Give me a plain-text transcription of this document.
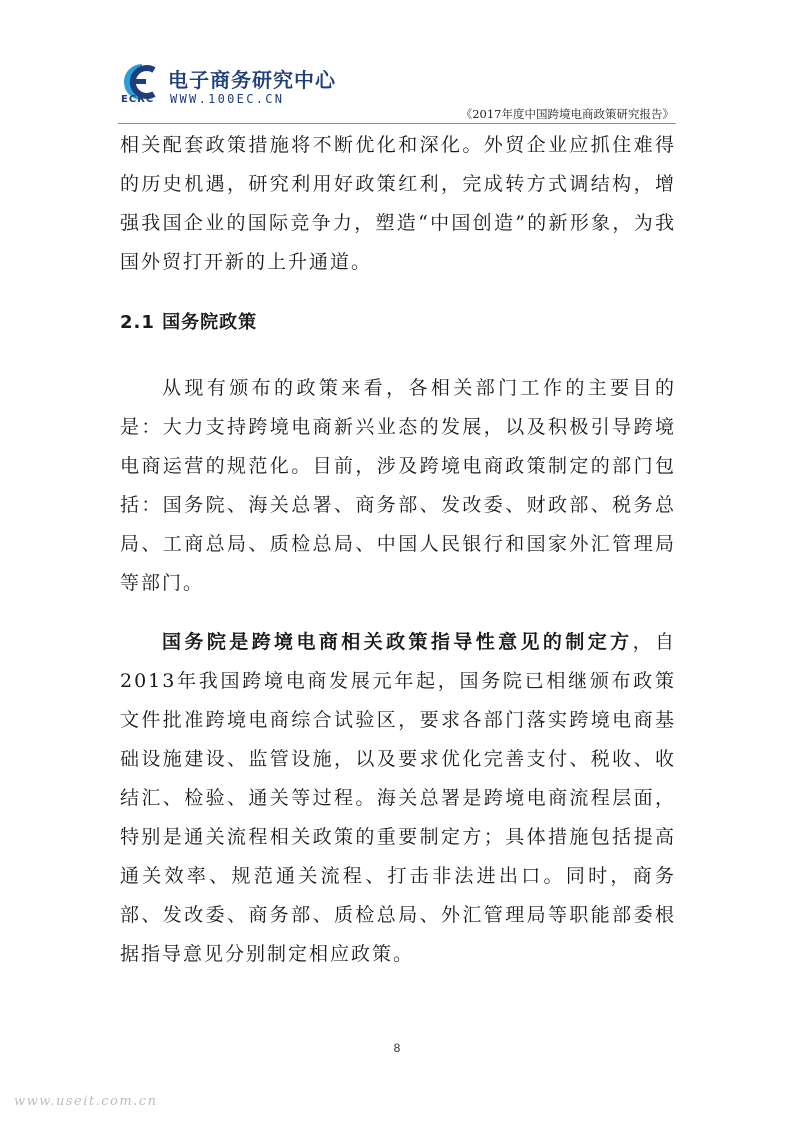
电子商务研究中心
ECRC WWW.100EC.CN
《2017年度中国跨境电商政策研究报告》

相关配套政策措施将不断优化和深化。外贸企业应抓住难得的历史机遇，研究利用好政策红利，完成转方式调结构，增强我国企业的国际竞争力，塑造“中国创造”的新形象，为我国外贸打开新的上升通道。

2.1 国务院政策

从现有颁布的政策来看，各相关部门工作的主要目的是：大力支持跨境电商新兴业态的发展，以及积极引导跨境电商运营的规范化。目前，涉及跨境电商政策制定的部门包括：国务院、海关总署、商务部、发改委、财政部、税务总局、工商总局、质检总局、中国人民银行和国家外汇管理局等部门。

国务院是跨境电商相关政策指导性意见的制定方，自2013年我国跨境电商发展元年起，国务院已相继颁布政策文件批准跨境电商综合试验区，要求各部门落实跨境电商基础设施建设、监管设施，以及要求优化完善支付、税收、收结汇、检验、通关等过程。海关总署是跨境电商流程层面，特别是通关流程相关政策的重要制定方；具体措施包括提高通关效率、规范通关流程、打击非法进出口。同时，商务部、发改委、商务部、质检总局、外汇管理局等职能部委根据指导意见分别制定相应政策。

8
www.useit.com.cn
